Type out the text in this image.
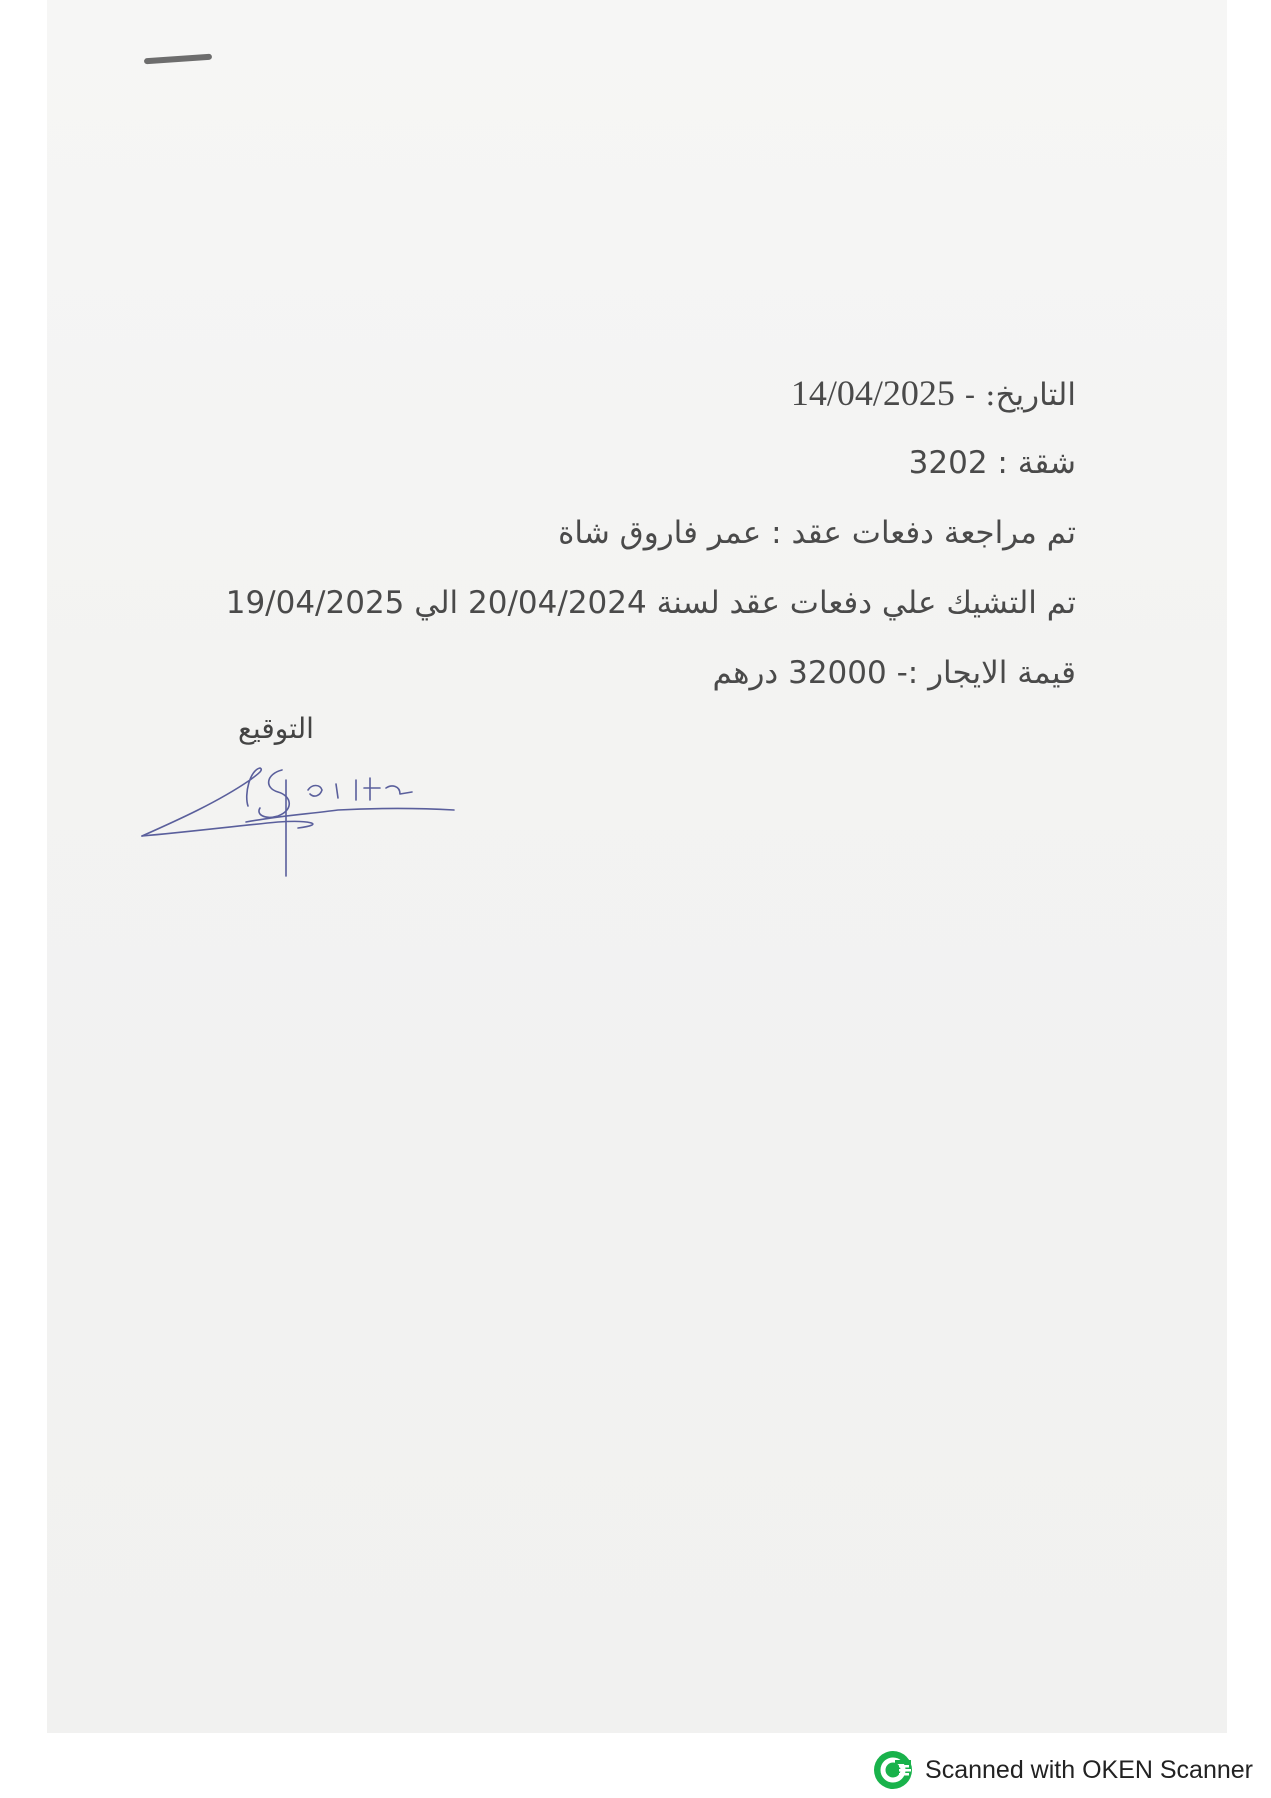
التاريخ: - 14/04/2025
شقة : 3202
تم مراجعة دفعات عقد : عمر فاروق شاة
تم التشيك علي دفعات عقد لسنة 20/04/2024 الي 19/04/2025
قيمة الايجار :- 32000 درهم
التوقيع
Scanned with OKEN Scanner
